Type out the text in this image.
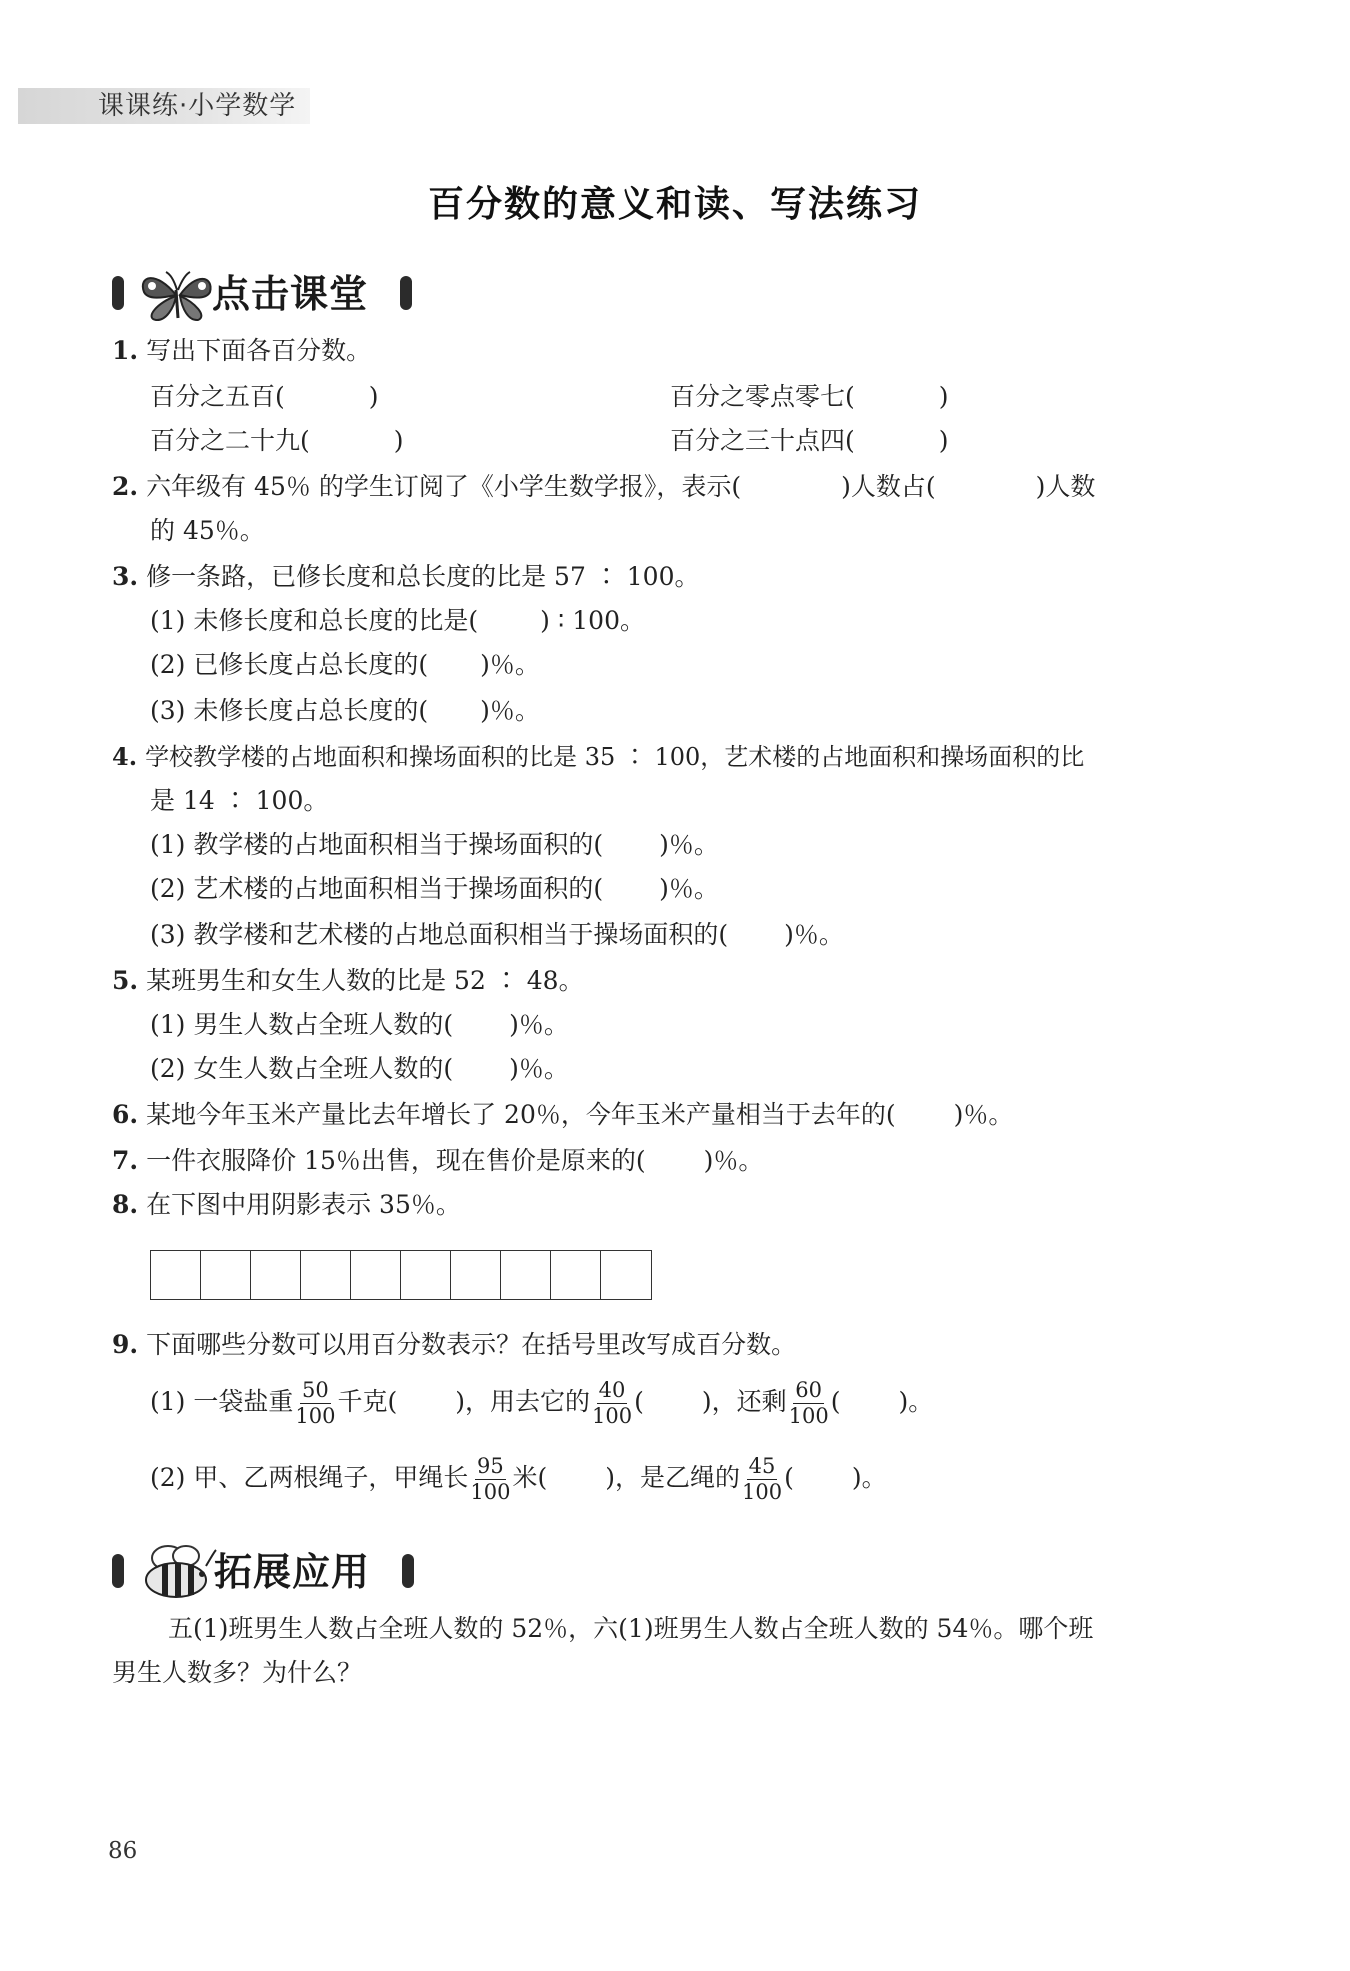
课课练·小学数学
百分数的意义和读、写法练习
点击课堂
1. 写出下面各百分数。
百分之五百(	)	百分之零点零七(	)
百分之二十九(	)	百分之三十点四(	)
2. 六年级有 45％ 的学生订阅了《小学生数学报》，表示(	)人数占(	)人数
的 45％。
3. 修一条路，已修长度和总长度的比是 57 ∶ 100。
(1) 未修长度和总长度的比是( ) ∶ 100。
(2) 已修长度占总长度的( )％。
(3) 未修长度占总长度的( )％。
4. 学校教学楼的占地面积和操场面积的比是 35 ∶ 100，艺术楼的占地面积和操场面积的比
是 14 ∶ 100。
(1) 教学楼的占地面积相当于操场面积的( )％。
(2) 艺术楼的占地面积相当于操场面积的( )％。
(3) 教学楼和艺术楼的占地总面积相当于操场面积的( )％。
5. 某班男生和女生人数的比是 52 ∶ 48。
(1) 男生人数占全班人数的( )％。
(2) 女生人数占全班人数的( )％。
6. 某地今年玉米产量比去年增长了 20％，今年玉米产量相当于去年的( )％。
7. 一件衣服降价 15％出售，现在售价是原来的( )％。
8. 在下图中用阴影表示 35％。
9. 下面哪些分数可以用百分数表示？在括号里改写成百分数。
(1) 一袋盐重 $\frac{50}{100}$ 千克( )，用去它的 $\frac{40}{100}$ ( )，还剩 $\frac{60}{100}$ ( )。
(2) 甲、乙两根绳子，甲绳长 $\frac{95}{100}$ 米( )，是乙绳的 $\frac{45}{100}$ ( )。
拓展应用
五(1)班男生人数占全班人数的 52％，六(1)班男生人数占全班人数的 54％。哪个班
男生人数多？为什么？
86
